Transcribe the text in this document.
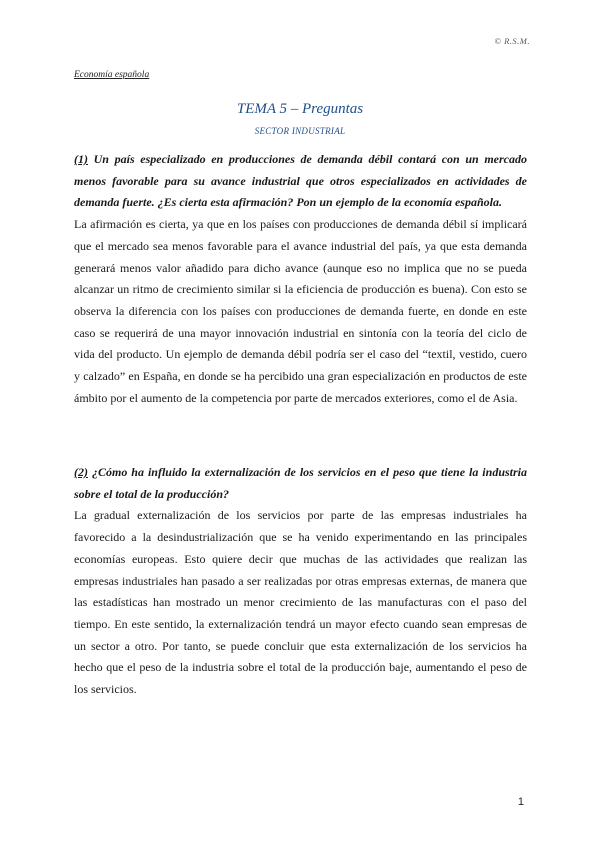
© R.S.M.
Economía española
TEMA 5 – Preguntas
SECTOR INDUSTRIAL
(1) Un país especializado en producciones de demanda débil contará con un mercado menos favorable para su avance industrial que otros especializados en actividades de demanda fuerte. ¿Es cierta esta afirmación? Pon un ejemplo de la economía española.
La afirmación es cierta, ya que en los países con producciones de demanda débil sí implicará que el mercado sea menos favorable para el avance industrial del país, ya que esta demanda generará menos valor añadido para dicho avance (aunque eso no implica que no se pueda alcanzar un ritmo de crecimiento similar si la eficiencia de producción es buena). Con esto se observa la diferencia con los países con producciones de demanda fuerte, en donde en este caso se requerirá de una mayor innovación industrial en sintonía con la teoría del ciclo de vida del producto. Un ejemplo de demanda débil podría ser el caso del “textil, vestido, cuero y calzado” en España, en donde se ha percibido una gran especialización en productos de este ámbito por el aumento de la competencia por parte de mercados exteriores, como el de Asia.
(2) ¿Cómo ha influido la externalización de los servicios en el peso que tiene la industria sobre el total de la producción?
La gradual externalización de los servicios por parte de las empresas industriales ha favorecido a la desindustrialización que se ha venido experimentando en las principales economías europeas. Esto quiere decir que muchas de las actividades que realizan las empresas industriales han pasado a ser realizadas por otras empresas externas, de manera que las estadísticas han mostrado un menor crecimiento de las manufacturas con el paso del tiempo. En este sentido, la externalización tendrá un mayor efecto cuando sean empresas de un sector a otro. Por tanto, se puede concluir que esta externalización de los servicios ha hecho que el peso de la industria sobre el total de la producción baje, aumentando el peso de los servicios.
1
